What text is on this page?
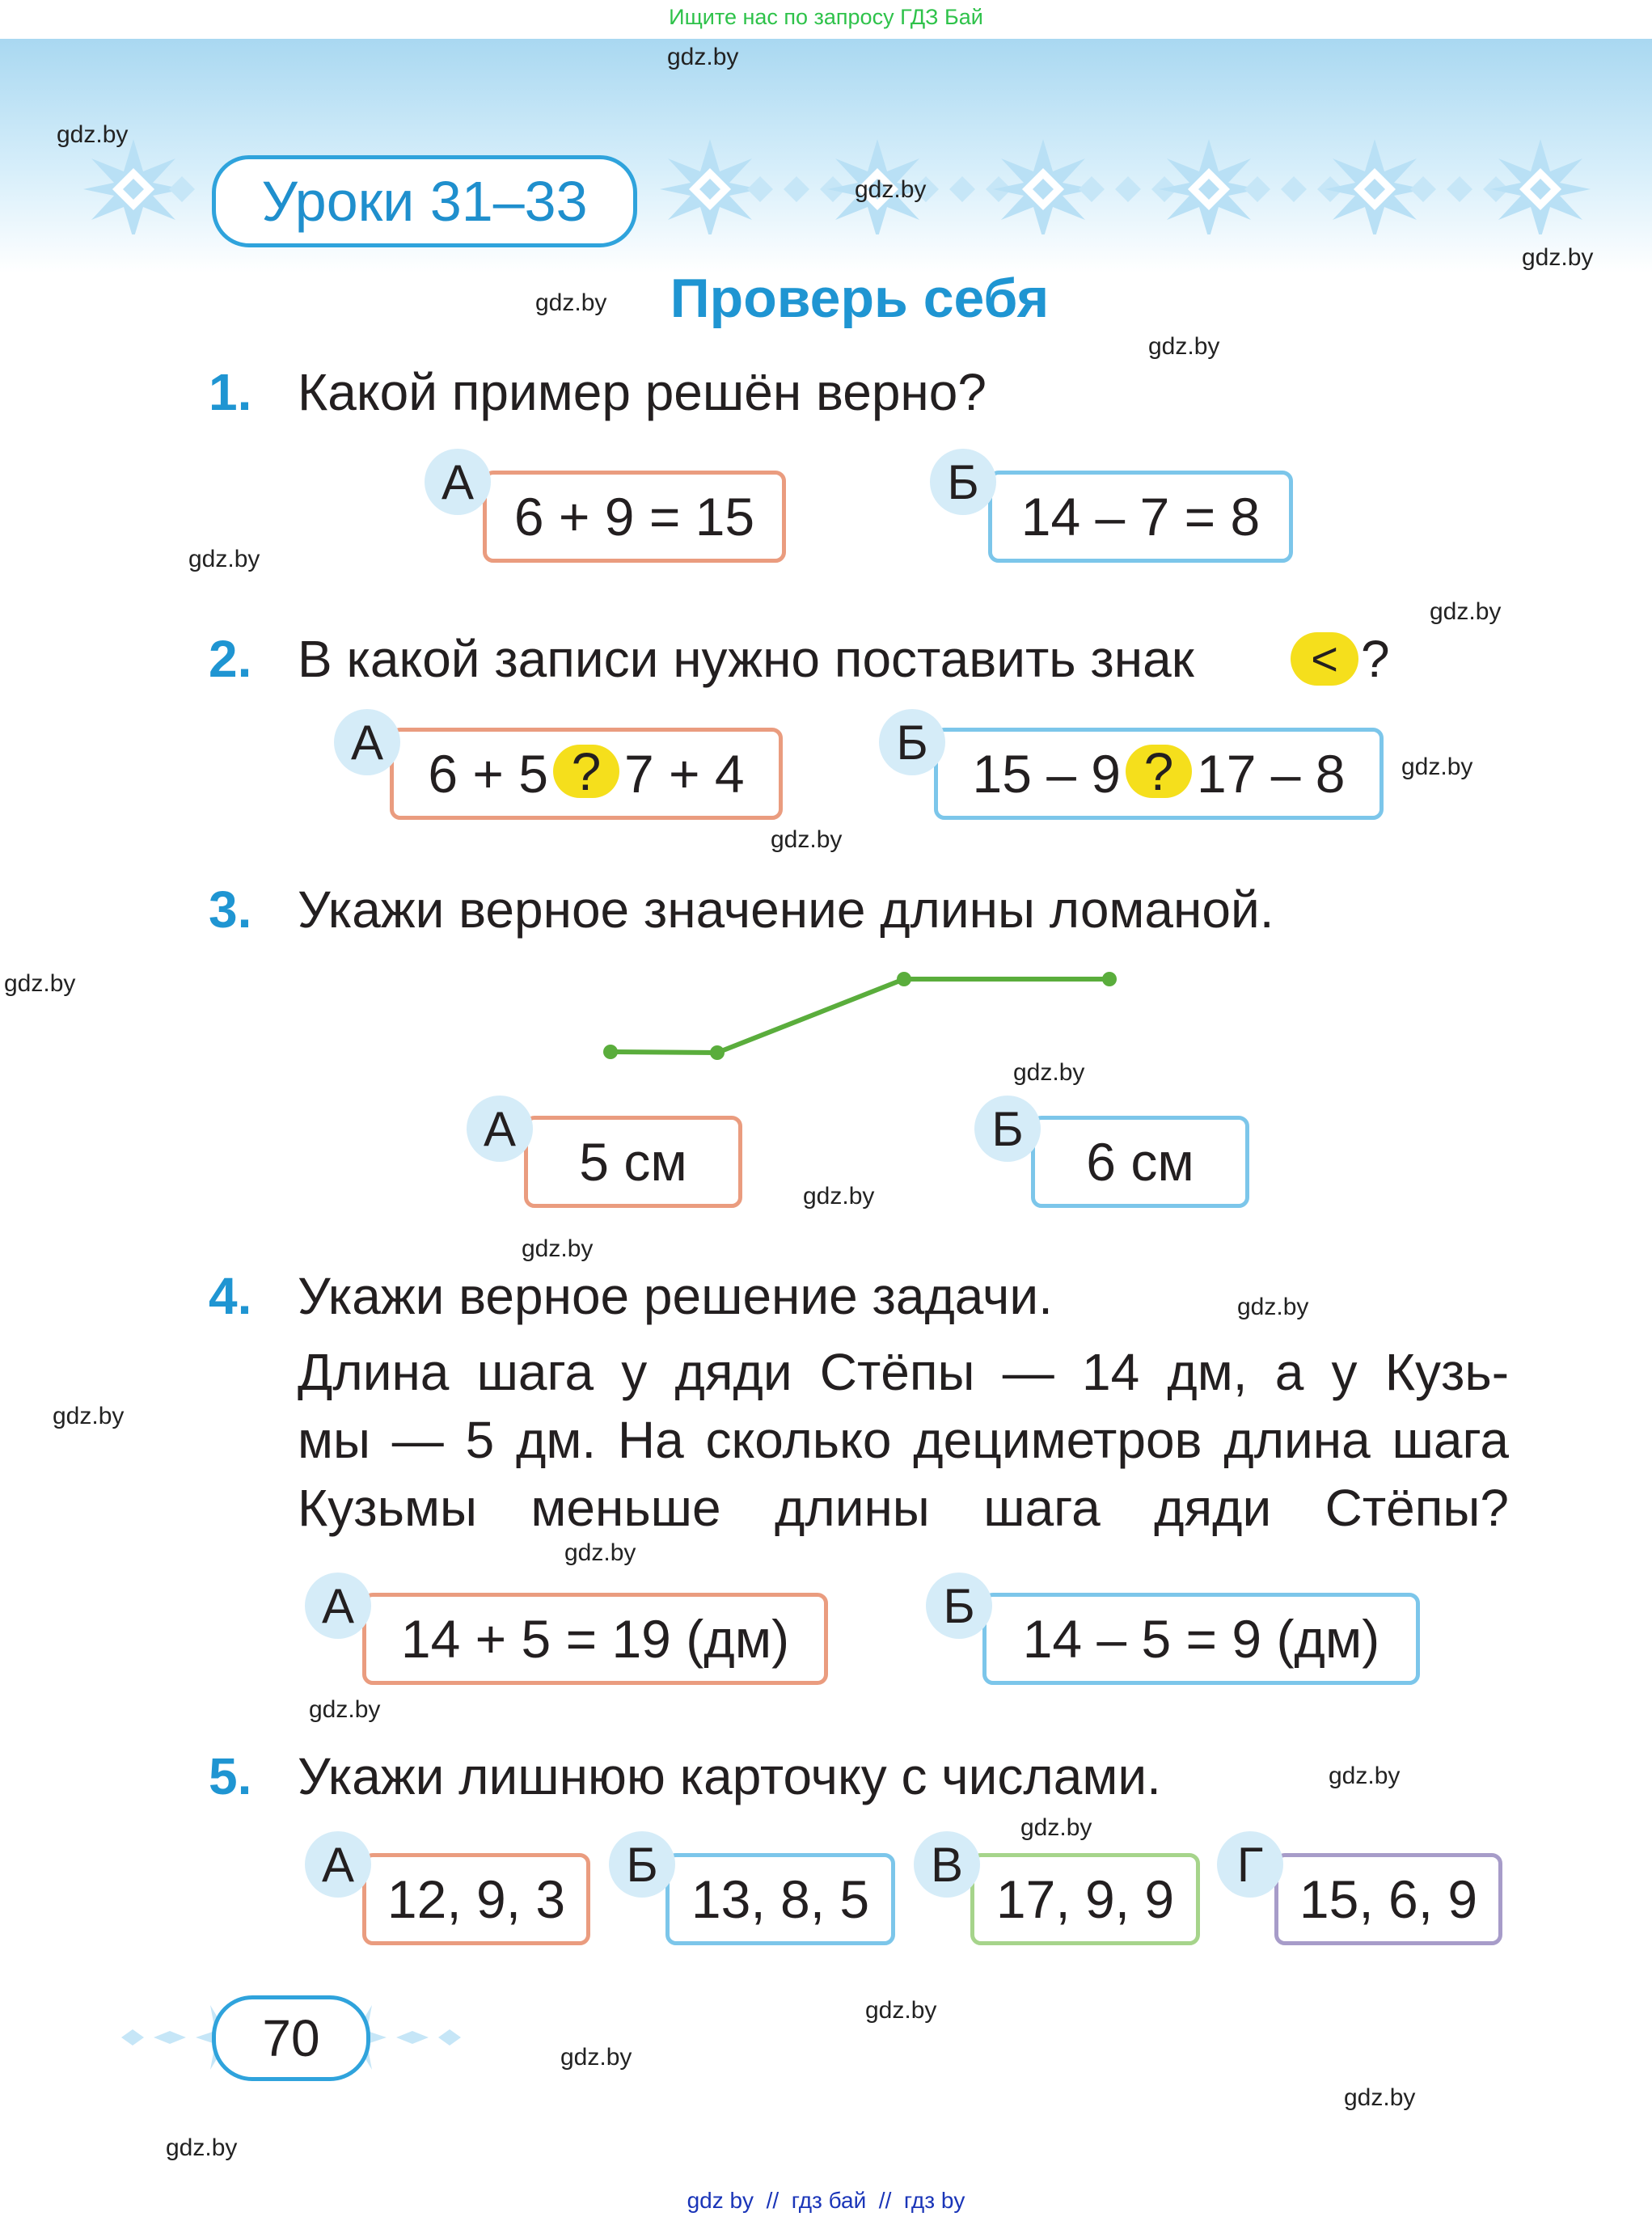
Ищите нас по запросу ГДЗ Бай
Уроки 31–33
Проверь себя
gdz.by
gdz.by
gdz.by
gdz.by
gdz.by
gdz.by
gdz.by
gdz.by
gdz.by
gdz.by
gdz.by
gdz.by
gdz.by
gdz.by
gdz.by
gdz.by
gdz.by
gdz.by
gdz.by
gdz.by
gdz.by
gdz.by
gdz.by
gdz.by
1. Какой пример решён верно?
6 + 9 = 15
А
14 – 7 = 8
Б
2. В какой записи нужно поставить знак	< ?
6 + 5 ? 7 + 4
А
15 – 9 ? 17 – 8
Б
3. Укажи верное значение длины ломаной.
5 см
А
6 см
Б
4. Укажи верное решение задачи.
Длина шага у дяди Стёпы — 14 дм, а у Кузь-
мы — 5 дм. На сколько дециметров длина шага
Кузьмы меньше длины шага дяди Стёпы?
14 + 5 = 19 (дм)
А
14 – 5 = 9 (дм)
Б
5. Укажи лишнюю карточку с числами.
12, 9, 3
А
13, 8, 5
Б
17, 9, 9
В
15, 6, 9
Г
70
gdz by  //  гдз бай  //  гдз by
